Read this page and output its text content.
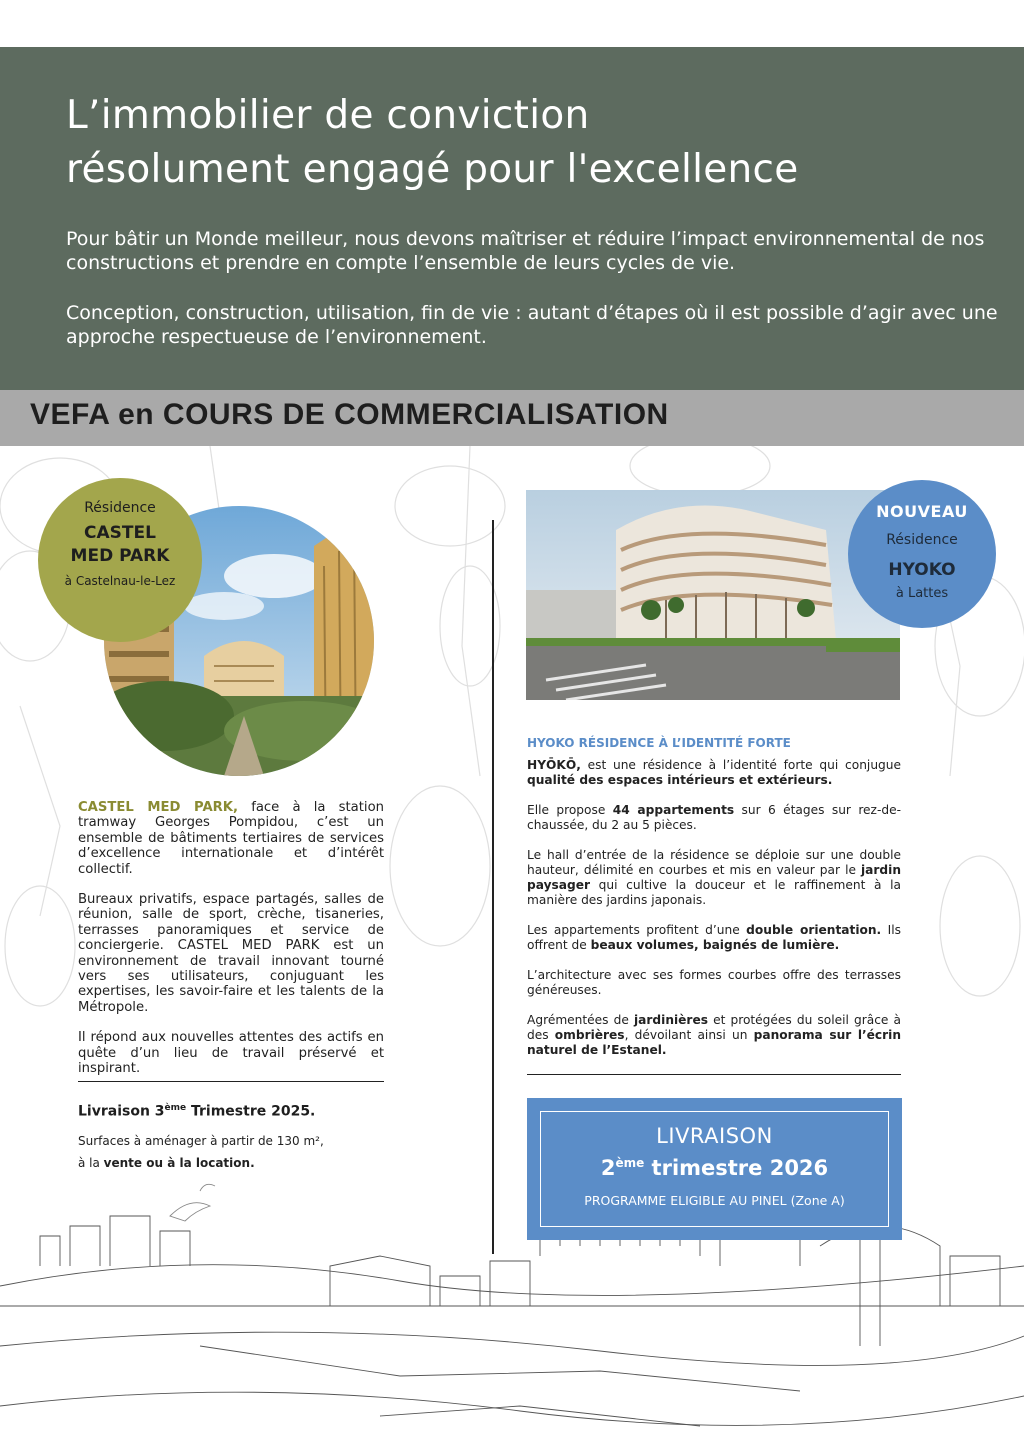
L’immobilier de conviction
résolument engagé pour l'excellence

Pour bâtir un Monde meilleur, nous devons maîtriser et réduire l’impact environnemental de nos constructions et prendre en compte l’ensemble de leurs cycles de vie.

Conception, construction, utilisation, fin de vie : autant d’étapes où il est possible d’agir avec une approche respectueuse de l’environnement.

VEFA en COURS DE COMMERCIALISATION
Résidence
CASTEL
MED PARK
à Castelnau-le-Lez

CASTEL MED PARK, face à la station tramway Georges Pompidou, c’est un ensemble de bâtiments tertiaires de services d’excellence internationale et d’intérêt collectif.

Bureaux privatifs, espace partagés, salles de réunion, salle de sport, crèche, tisaneries, terrasses panoramiques et service de conciergerie. CASTEL MED PARK est un environnement de travail innovant tourné vers ses utilisateurs, conjuguant les expertises, les savoir-faire et les talents de la Métropole.

Il répond aux nouvelles attentes des actifs en quête d’un lieu de travail préservé et inspirant.

Livraison 3ème Trimestre 2025.
Surfaces à aménager à partir de 130 m²,
à la vente ou à la location.
NOUVEAU
Résidence
HYOKO
à Lattes
HYOKO RÉSIDENCE À L’IDENTITÉ FORTE

HYŌKŌ, est une résidence à l’identité forte qui conjugue qualité des espaces intérieurs et extérieurs.

Elle propose 44 appartements sur 6 étages sur rez-de-chaussée, du 2 au 5 pièces.

Le hall d’entrée de la résidence se déploie sur une double hauteur, délimité en courbes et mis en valeur par le jardin paysager qui cultive la douceur et le raffinement à la manière des jardins japonais.

Les appartements profitent d’une double orientation. Ils offrent de beaux volumes, baignés de lumière.

L’architecture avec ses formes courbes offre des terrasses généreuses.

Agrémentées de jardinières et protégées du soleil grâce à des ombrières, dévoilant ainsi un panorama sur l’écrin naturel de l’Estanel.

LIVRAISON
2ème trimestre 2026
PROGRAMME ELIGIBLE AU PINEL (Zone A)
